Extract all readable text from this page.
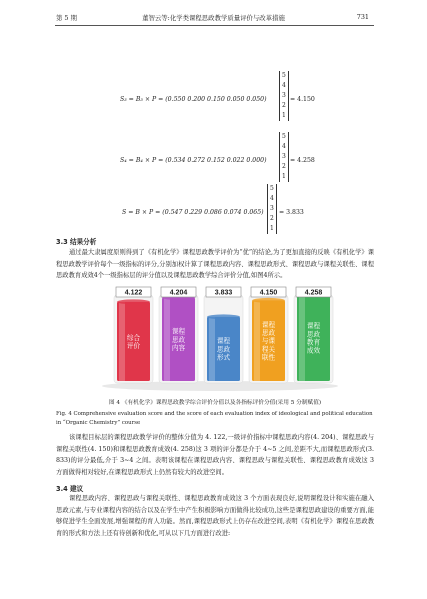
第 5 期	董智云等:化学类课程思政教学质量评价与改革措施	731
S₃ = B₃ × P = (0.550 0.200 0.150 0.050 0.050)
5
4
3
2
1
= 4.150
S₄ = B₄ × P = (0.534 0.272 0.152 0.022 0.000)
5
4
3
2
1
= 4.258
S = B × P = (0.547 0.229 0.086 0.074 0.065)
5
4
3
2
1
= 3.833
3.3 结果分析

通过最大隶属度原则得到了《有机化学》课程思政教学评价为“优”的结论,为了更加直接的反映《有机化学》课程思政教学评价每个一级指标的评分,分别加权计算了课程思政内容、课程思政形式、课程思政与课程关联性、课程思政教育成效4个一级指标层的评分值以及课程思政教学综合评价分值,如图4所示。

4.122
综合
评价
4.204
课程
思政
内容
3.833
课程
思政
形式
4.150
课程
思政
与课
程关
联性
4.258
课程
思政
教育
成效
图 4 《有机化学》课程思政教学综合评价分值以及各指标评价分值(采用 5 分制赋值)
Fig. 4 Comprehensive evaluation score and the score of each evaluation index of ideological and political education in “Organic Chemistry” course

该课程目标层的课程思政教学评价的整体分值为 4. 122,一级评价指标中课程思政内容(4. 204)、课程思政与课程关联性(4. 150)和课程思政教育成效(4. 258)这 3 项的评分都是介于 4~5 之间,差距不大,而课程思政形式(3. 833)的评分最低,介于 3~4 之间。表明该课程在课程思政内容、课程思政与课程关联性、课程思政教育成效这 3 方面做得相对较好,在课程思政形式上仍然有较大的改进空间。

3.4 建议

课程思政内容、课程思政与课程关联性、课程思政教育成效这 3 个方面表现良好,说明课程设计和实施在融入思政元素,与专业课程内容的结合以及在学生中产生积极影响方面做得比较成功,这些是课程思政建设的重要方面,能够促进学生全面发展,增强课程的育人功能。然而,课程思政形式上仍存在改进空间,表明《有机化学》课程在思政教育的形式和方法上还有待创新和优化,可从以下几方面进行改进:
